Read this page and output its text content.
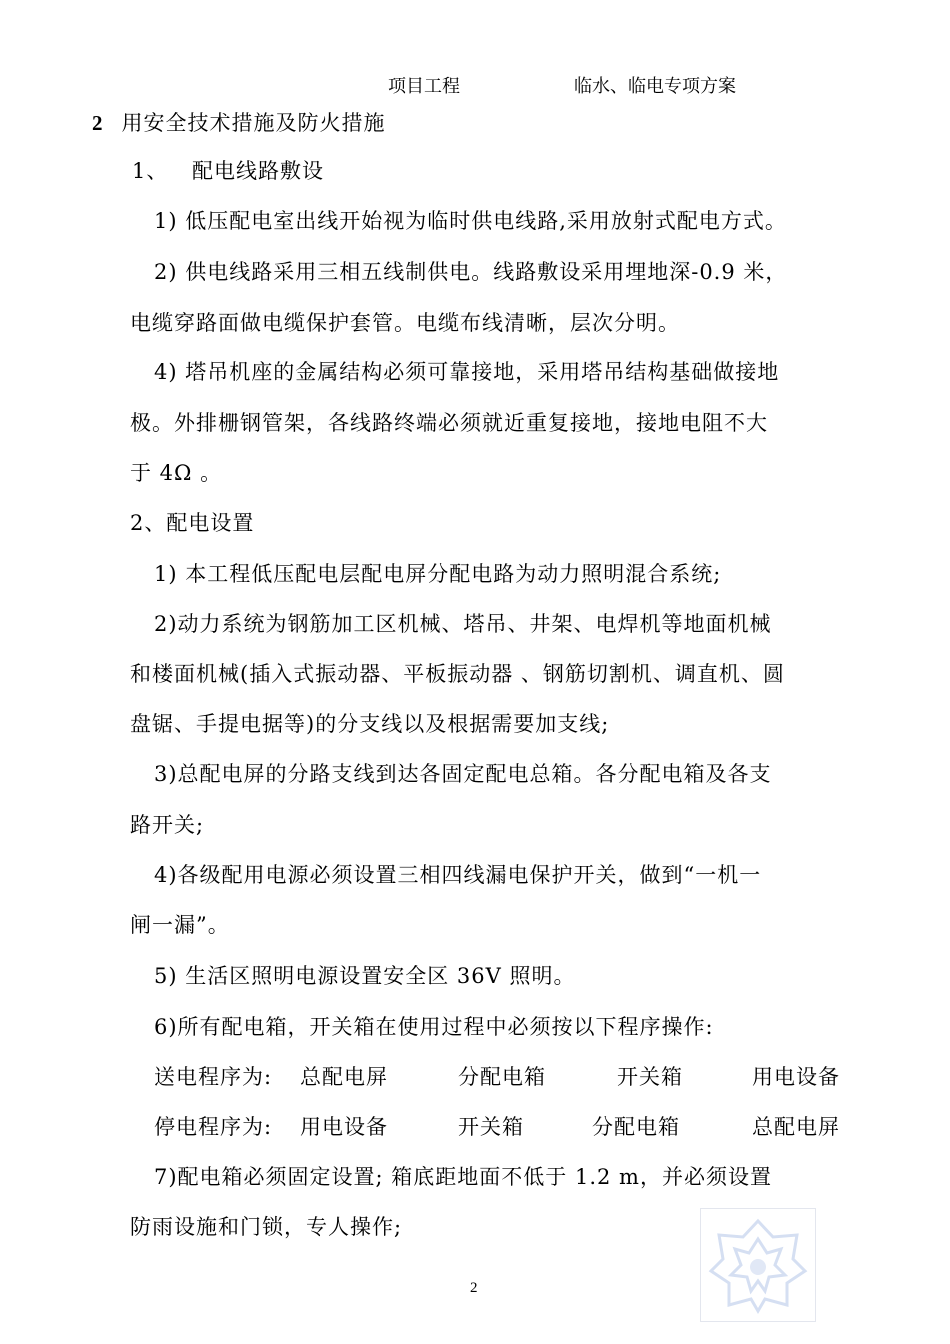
项目工程	临水、临电专项方案
2 用安全技术措施及防火措施
1、 配电线路敷设
1) 低压配电室出线开始视为临时供电线路,采用放射式配电方式。
2) 供电线路采用三相五线制供电。线路敷设采用埋地深-0.9 米，
电缆穿路面做电缆保护套管。电缆布线清晰，层次分明。
4) 塔吊机座的金属结构必须可靠接地，采用塔吊结构基础做接地
极。外排栅钢管架，各线路终端必须就近重复接地，接地电阻不大
于 4Ω 。
2、配电设置
1) 本工程低压配电层配电屏分配电路为动力照明混合系统;
2)动力系统为钢筋加工区机械、塔吊、井架、电焊机等地面机械
和楼面机械(插入式振动器、平板振动器 、钢筋切割机、调直机、圆
盘锯、手提电据等)的分支线以及根据需要加支线;
3)总配电屏的分路支线到达各固定配电总箱。各分配电箱及各支
路开关;
4)各级配用电源必须设置三相四线漏电保护开关，做到“一机一
闸一漏”。
5) 生活区照明电源设置安全区 36V 照明。
6)所有配电箱，开关箱在使用过程中必须按以下程序操作:
送电程序为: 总配电屏	分配电箱	开关箱	用电设备
停电程序为: 用电设备	开关箱	分配电箱	总配电屏
7)配电箱必须固定设置; 箱底距地面不低于 1.2 m，并必须设置
防雨设施和门锁，专人操作;
2
